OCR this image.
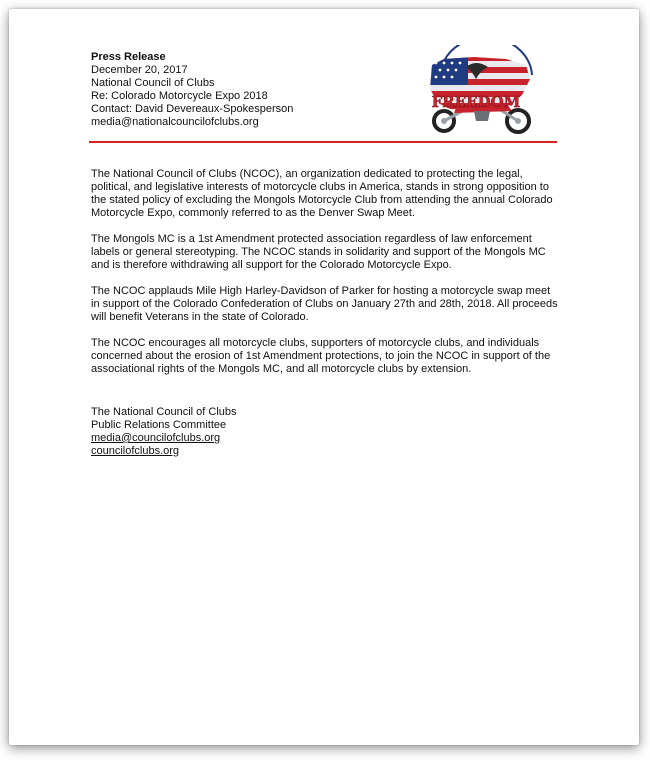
Press Release
December 20, 2017
National Council of Clubs
Re: Colorado Motorcycle Expo 2018
Contact: David Devereaux-Spokesperson
media@nationalcouncilofclubs.org
FREEDOM

The National Council of Clubs (NCOC), an organization dedicated to protecting the legal, political, and legislative interests of motorcycle clubs in America, stands in strong opposition to the stated policy of excluding the Mongols Motorcycle Club from attending the annual Colorado Motorcycle Expo, commonly referred to as the Denver Swap Meet.

The Mongols MC is a 1st Amendment protected association regardless of law enforcement labels or general stereotyping. The NCOC stands in solidarity and support of the Mongols MC and is therefore withdrawing all support for the Colorado Motorcycle Expo.

The NCOC applauds Mile High Harley-Davidson of Parker for hosting a motorcycle swap meet in support of the Colorado Confederation of Clubs on January 27th and 28th, 2018. All proceeds will benefit Veterans in the state of Colorado.

The NCOC encourages all motorcycle clubs, supporters of motorcycle clubs, and individuals concerned about the erosion of 1st Amendment protections, to join the NCOC in support of the associational rights of the Mongols MC, and all motorcycle clubs by extension.

The National Council of Clubs
Public Relations Committee
media@councilofclubs.org
councilofclubs.org
